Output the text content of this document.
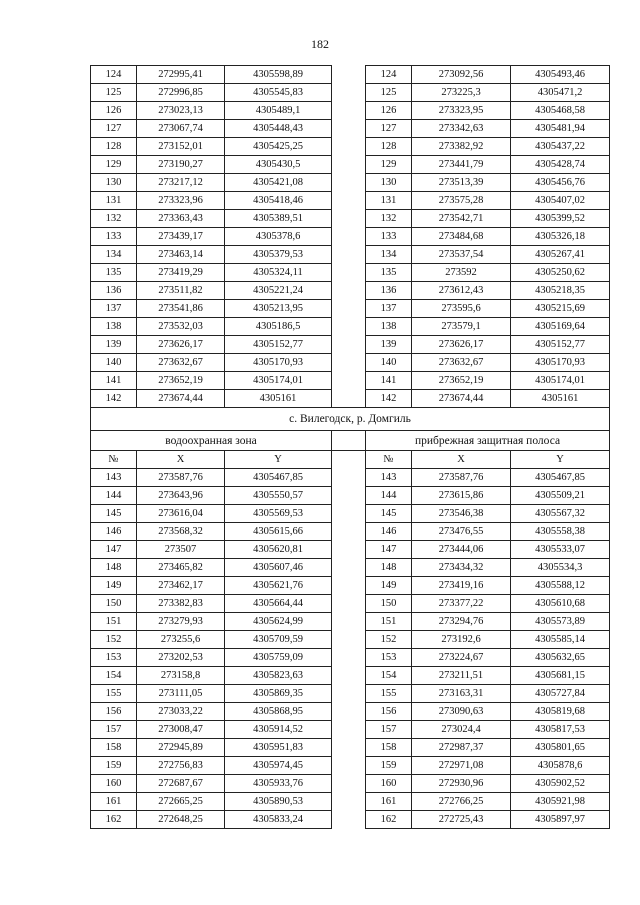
182
124	272995,41	4305598,89		124	273092,56	4305493,46
125	272996,85	4305545,83		125	273225,3	4305471,2
126	273023,13	4305489,1		126	273323,95	4305468,58
127	273067,74	4305448,43		127	273342,63	4305481,94
128	273152,01	4305425,25		128	273382,92	4305437,22
129	273190,27	4305430,5		129	273441,79	4305428,74
130	273217,12	4305421,08		130	273513,39	4305456,76
131	273323,96	4305418,46		131	273575,28	4305407,02
132	273363,43	4305389,51		132	273542,71	4305399,52
133	273439,17	4305378,6		133	273484,68	4305326,18
134	273463,14	4305379,53		134	273537,54	4305267,41
135	273419,29	4305324,11		135	273592	4305250,62
136	273511,82	4305221,24		136	273612,43	4305218,35
137	273541,86	4305213,95		137	273595,6	4305215,69
138	273532,03	4305186,5		138	273579,1	4305169,64
139	273626,17	4305152,77		139	273626,17	4305152,77
140	273632,67	4305170,93		140	273632,67	4305170,93
141	273652,19	4305174,01		141	273652,19	4305174,01
142	273674,44	4305161		142	273674,44	4305161
с. Вилегодск, р. Домгиль						
водоохранная зона				прибрежная защитная полоса		
№	X	Y		№	X	Y
143	273587,76	4305467,85		143	273587,76	4305467,85
144	273643,96	4305550,57		144	273615,86	4305509,21
145	273616,04	4305569,53		145	273546,38	4305567,32
146	273568,32	4305615,66		146	273476,55	4305558,38
147	273507	4305620,81		147	273444,06	4305533,07
148	273465,82	4305607,46		148	273434,32	4305534,3
149	273462,17	4305621,76		149	273419,16	4305588,12
150	273382,83	4305664,44		150	273377,22	4305610,68
151	273279,93	4305624,99		151	273294,76	4305573,89
152	273255,6	4305709,59		152	273192,6	4305585,14
153	273202,53	4305759,09		153	273224,67	4305632,65
154	273158,8	4305823,63		154	273211,51	4305681,15
155	273111,05	4305869,35		155	273163,31	4305727,84
156	273033,22	4305868,95		156	273090,63	4305819,68
157	273008,47	4305914,52		157	273024,4	4305817,53
158	272945,89	4305951,83		158	272987,37	4305801,65
159	272756,83	4305974,45		159	272971,08	4305878,6
160	272687,67	4305933,76		160	272930,96	4305902,52
161	272665,25	4305890,53		161	272766,25	4305921,98
162	272648,25	4305833,24		162	272725,43	4305897,97
